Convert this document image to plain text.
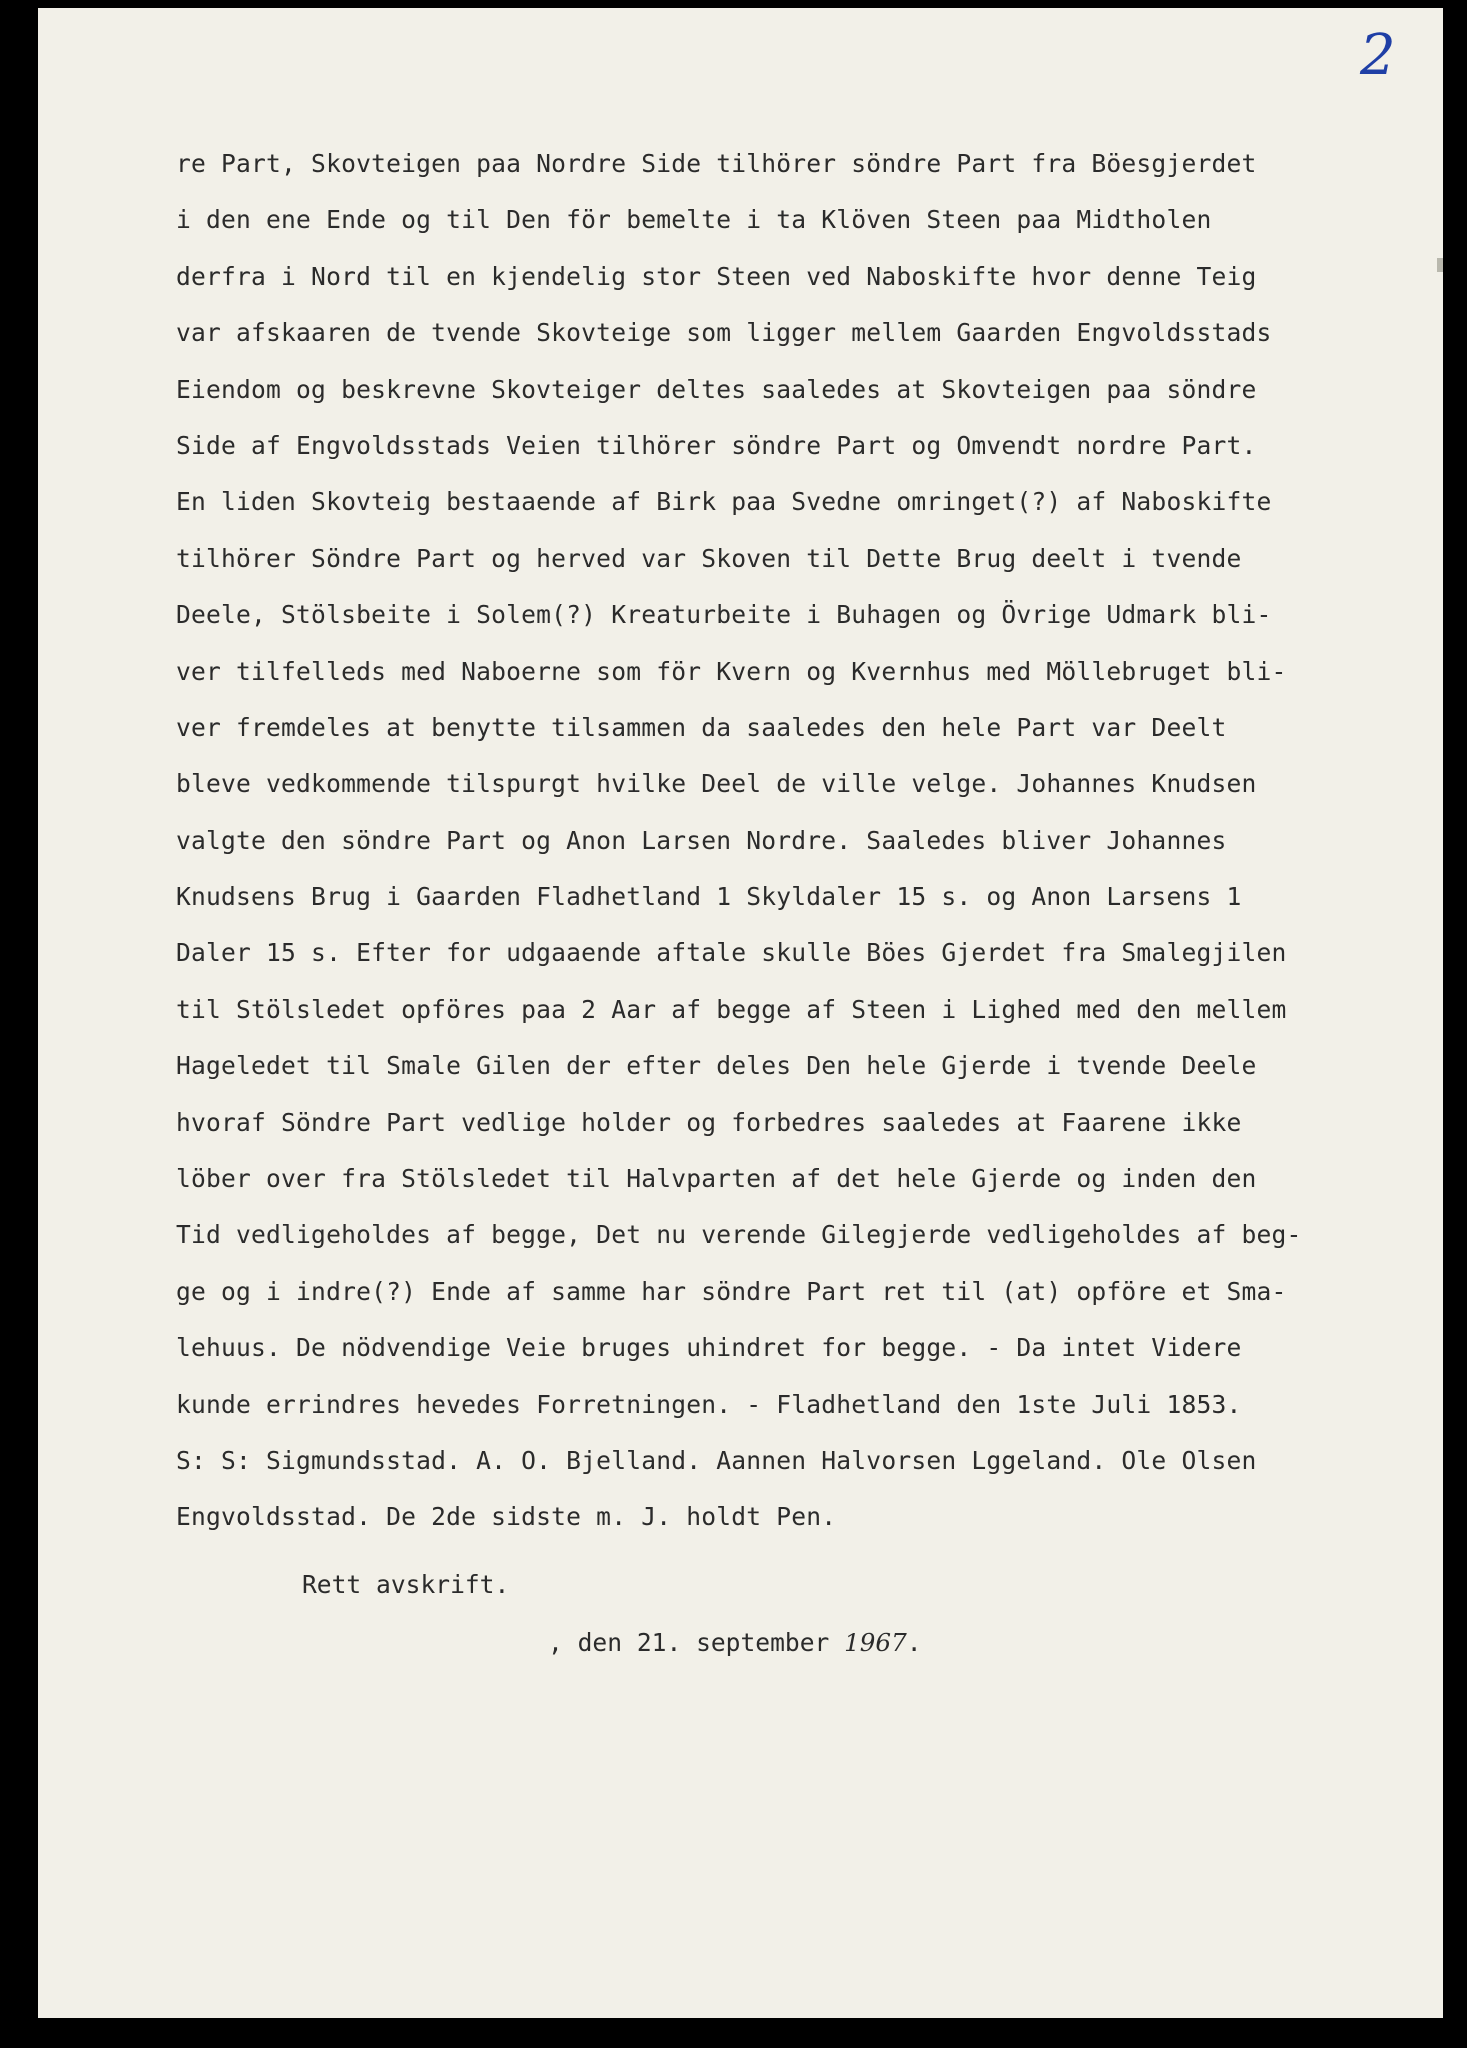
2
re Part, Skovteigen paa Nordre Side tilhörer söndre Part fra Böesgjerdet
i den ene Ende og til Den för bemelte i ta Klöven Steen paa Midtholen
derfra i Nord til en kjendelig stor Steen ved Naboskifte hvor denne Teig
var afskaaren de tvende Skovteige som ligger mellem Gaarden Engvoldsstads
Eiendom og beskrevne Skovteiger deltes saaledes at Skovteigen paa söndre
Side af Engvoldsstads Veien tilhörer söndre Part og Omvendt nordre Part.
En liden Skovteig bestaaende af Birk paa Svedne omringet(?) af Naboskifte
tilhörer Söndre Part og herved var Skoven til Dette Brug deelt i tvende
Deele, Stölsbeite i Solem(?) Kreaturbeite i Buhagen og Övrige Udmark bli-
ver tilfelleds med Naboerne som för Kvern og Kvernhus med Möllebruget bli-
ver fremdeles at benytte tilsammen da saaledes den hele Part var Deelt
bleve vedkommende tilspurgt hvilke Deel de ville velge. Johannes Knudsen
valgte den söndre Part og Anon Larsen Nordre. Saaledes bliver Johannes
Knudsens Brug i Gaarden Fladhetland 1 Skyldaler 15 s. og Anon Larsens 1
Daler 15 s. Efter for udgaaende aftale skulle Böes Gjerdet fra Smalegjilen
til Stölsledet opföres paa 2 Aar af begge af Steen i Lighed med den mellem
Hageledet til Smale Gilen der efter deles Den hele Gjerde i tvende Deele
hvoraf Söndre Part vedlige holder og forbedres saaledes at Faarene ikke
löber over fra Stölsledet til Halvparten af det hele Gjerde og inden den
Tid vedligeholdes af begge, Det nu verende Gilegjerde vedligeholdes af beg-
ge og i indre(?) Ende af samme har söndre Part ret til (at) opföre et Sma-
lehuus. De nödvendige Veie bruges uhindret for begge. - Da intet Videre
kunde errindres hevedes Forretningen. - Fladhetland den 1ste Juli 1853.
S: S: Sigmundsstad. A. O. Bjelland. Aannen Halvorsen Lggeland. Ole Olsen
Engvoldsstad. De 2de sidste m. J. holdt Pen.
Rett avskrift.
, den 21. september 1967.
